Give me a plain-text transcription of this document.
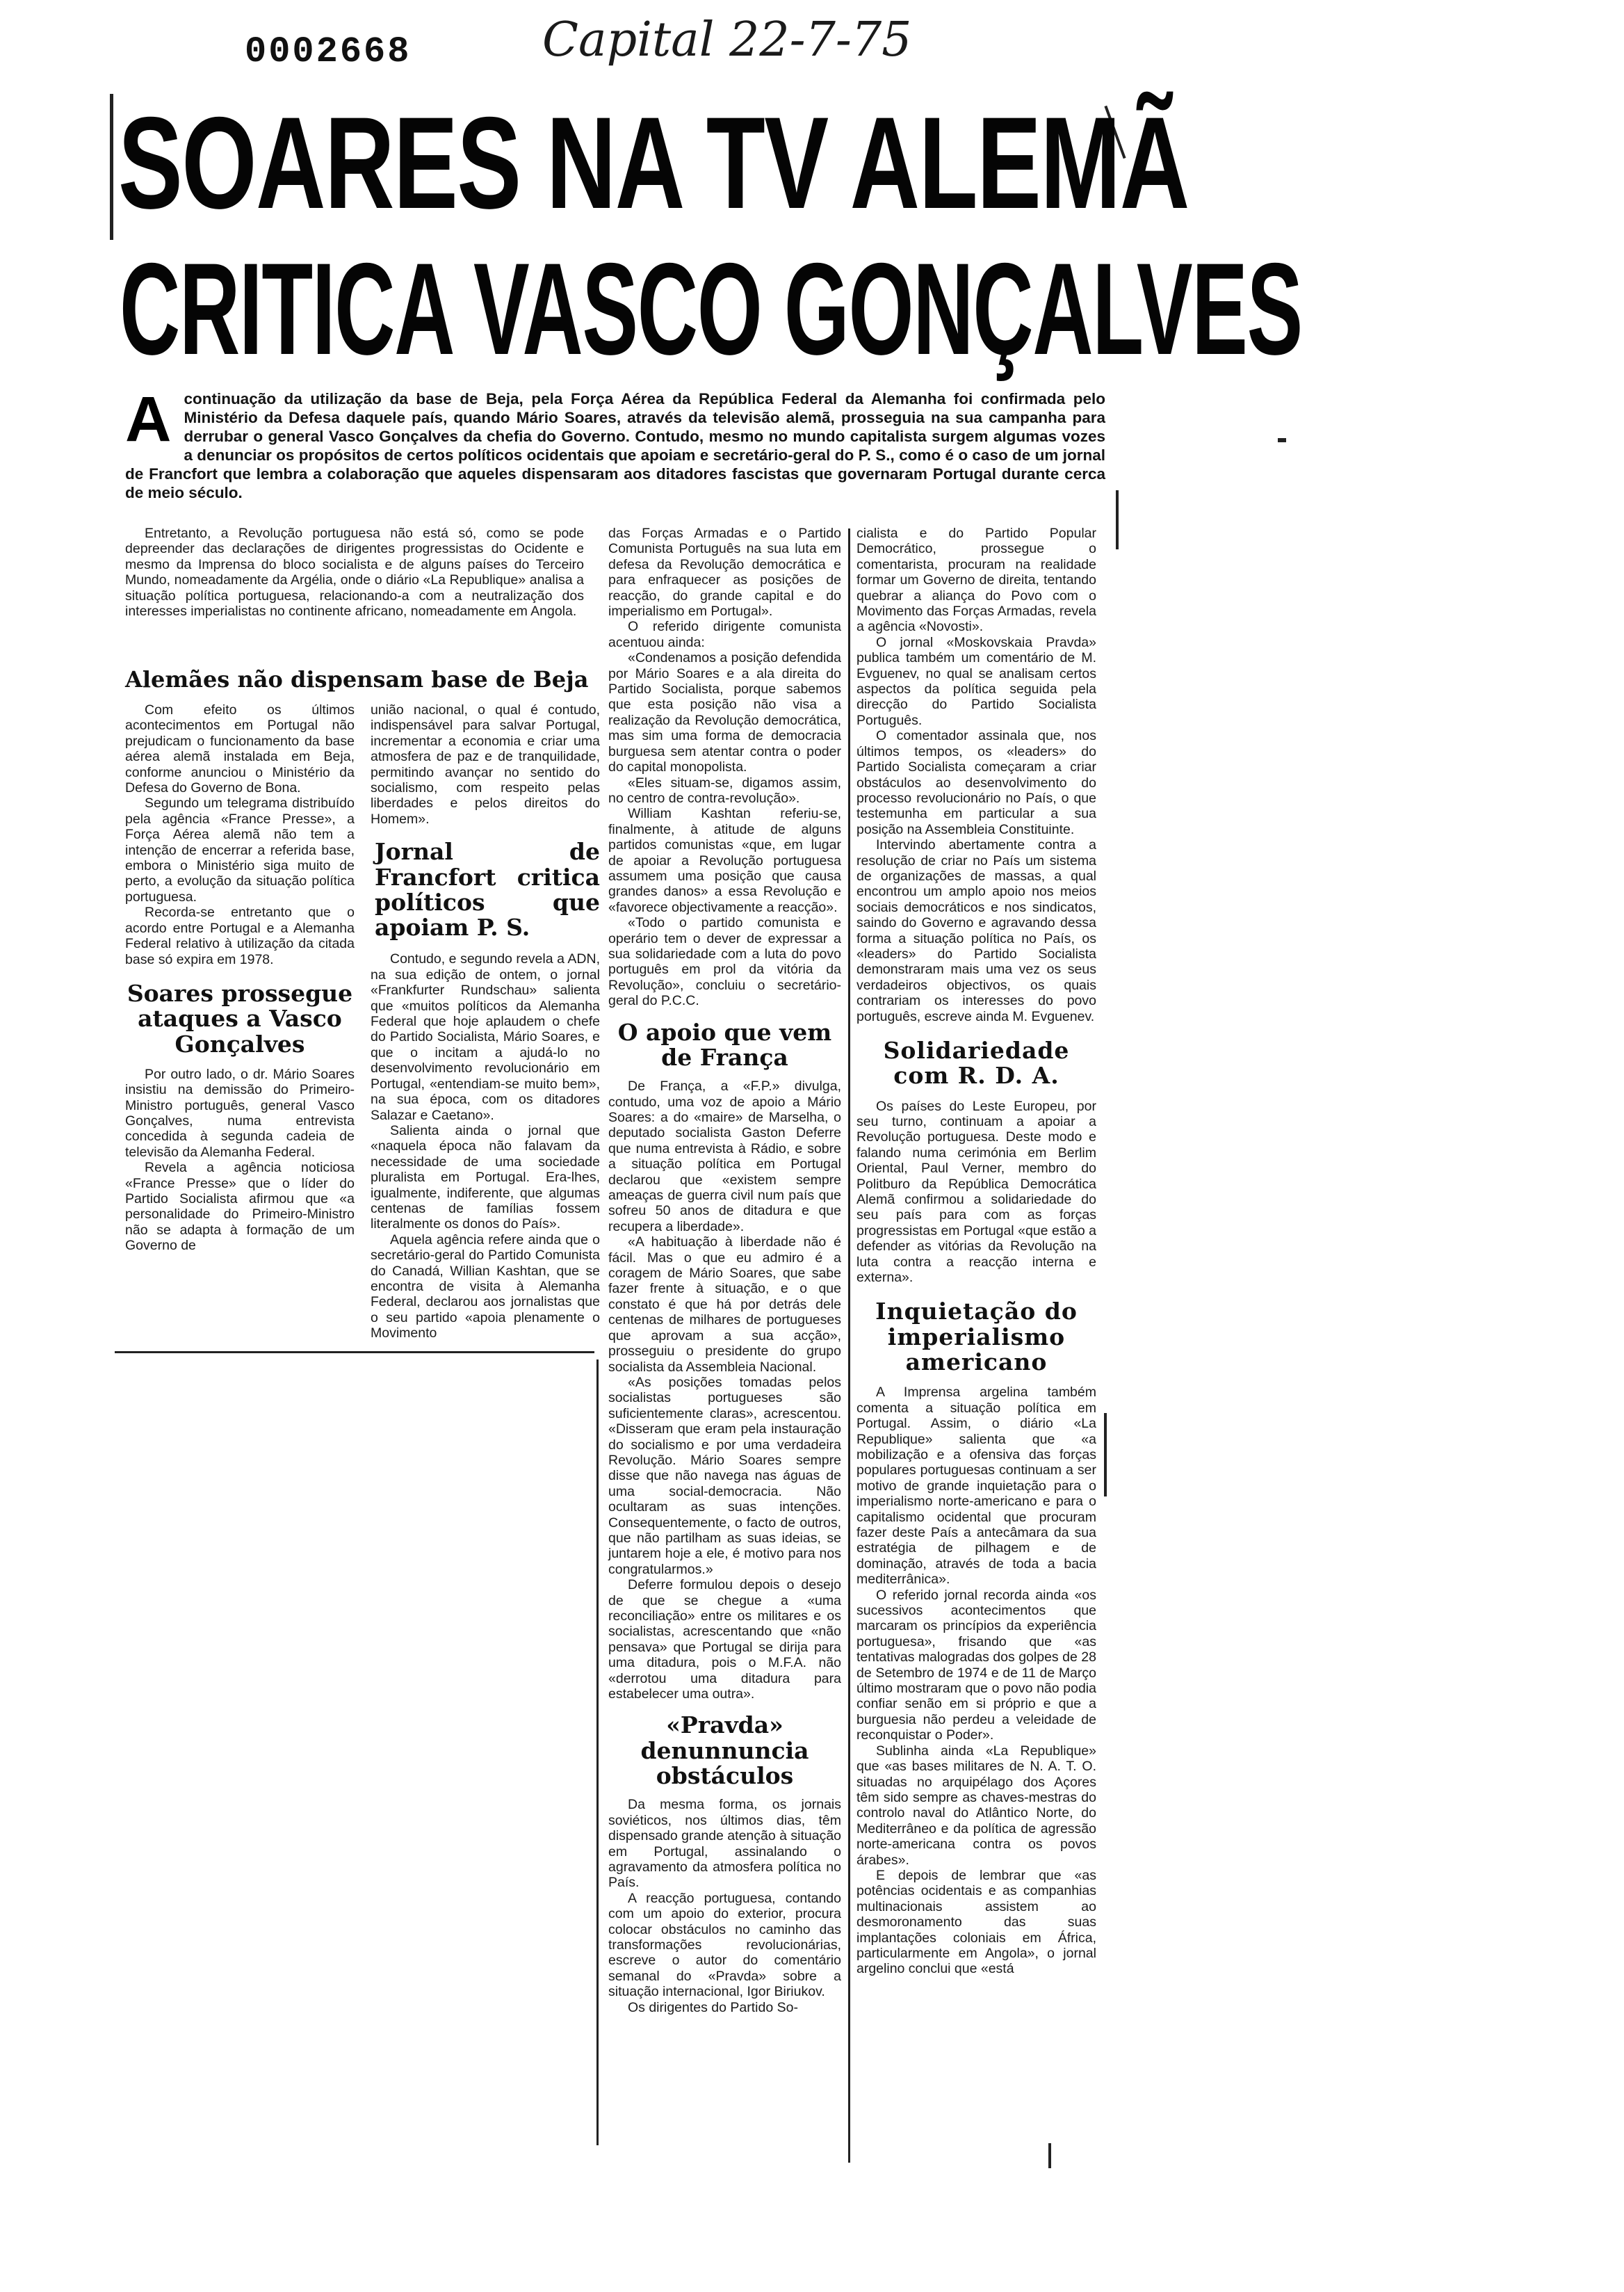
0002668	Capital 22-7-75
SOARES NA TV ALEMÃ
CRITICA VASCO GONÇALVES
A continuação da utilização da base de Beja, pela Força Aérea da República Federal da Alemanha foi confirmada pelo Ministério da Defesa daquele país, quando Mário Soares, através da televisão alemã, prosseguia na sua campanha para derrubar o general Vasco Gonçalves da chefia do Governo. Contudo, mesmo no mundo capitalista surgem algumas vozes a denunciar os propósitos de certos políticos ocidentais que apoiam e secretário-geral do P. S., como é o caso de um jornal de Francfort que lembra a colaboração que aqueles dispensaram aos ditadores fascistas que governaram Portugal durante cerca de meio século.

Entretanto, a Revolução portuguesa não está só, como se pode depreender das declarações de dirigentes progressistas do Ocidente e mesmo da Imprensa do bloco socialista e de alguns países do Terceiro Mundo, nomeadamente da Argélia, onde o diário «La Republique» analisa a situação política portuguesa, relacionando-a com a neutralização dos interesses imperialistas no continente africano, nomeadamente em Angola.

Alemães não dispensam base de Beja

Com efeito os últimos acontecimentos em Portugal não prejudicam o funcionamento da base aérea alemã instalada em Beja, conforme anunciou o Ministério da Defesa do Governo de Bona.

Segundo um telegrama distribuído pela agência «France Presse», a Força Aérea alemã não tem a intenção de encerrar a referida base, embora o Ministério siga muito de perto, a evolução da situação política portuguesa.

Recorda-se entretanto que o acordo entre Portugal e a Alemanha Federal relativo à utilização da citada base só expira em 1978.

Soares prossegue ataques a Vasco Gonçalves

Por outro lado, o dr. Mário Soares insistiu na demissão do Primeiro-Ministro português, general Vasco Gonçalves, numa entrevista concedida à segunda cadeia de televisão da Alemanha Federal.

Revela a agência noticiosa «France Presse» que o líder do Partido Socialista afirmou que «a personalidade do Primeiro-Ministro não se adapta à formação de um Governo de

união nacional, o qual é contudo, indispensável para salvar Portugal, incrementar a economia e criar uma atmosfera de paz e de tranquilidade, permitindo avançar no sentido do socialismo, com respeito pelas liberdades e pelos direitos do Homem».

Jornal de Francfort critica políticos que apoiam P. S.

Contudo, e segundo revela a ADN, na sua edição de ontem, o jornal «Frankfurter Rundschau» salienta que «muitos políticos da Alemanha Federal que hoje aplaudem o chefe do Partido Socialista, Mário Soares, e que o incitam a ajudá-lo no desenvolvimento revolucionário em Portugal, «entendiam-se muito bem», na sua época, com os ditadores Salazar e Caetano».

Salienta ainda o jornal que «naquela época não falavam da necessidade de uma sociedade pluralista em Portugal. Era-lhes, igualmente, indiferente, que algumas centenas de famílias fossem literalmente os donos do País».

Aquela agência refere ainda que o secretário-geral do Partido Comunista do Canadá, Willian Kashtan, que se encontra de visita à Alemanha Federal, declarou aos jornalistas que o seu partido «apoia plenamente o Movimento

das Forças Armadas e o Partido Comunista Português na sua luta em defesa da Revolução democrática e para enfraquecer as posições de reacção, do grande capital e do imperialismo em Portugal».

O referido dirigente comunista acentuou ainda:

«Condenamos a posição defendida por Mário Soares e a ala direita do Partido Socialista, porque sabemos que esta posição não visa a realização da Revolução democrática, mas sim uma forma de democracia burguesa sem atentar contra o poder do capital monopolista.

«Eles situam-se, digamos assim, no centro de contra-revolução».

William Kashtan referiu-se, finalmente, à atitude de alguns partidos comunistas «que, em lugar de apoiar a Revolução portuguesa assumem uma posição que causa grandes danos» a essa Revolução e «favorece objectivamente a reacção».

«Todo o partido comunista e operário tem o dever de expressar a sua solidariedade com a luta do povo português em prol da vitória da Revolução», concluiu o secretário-geral do P.C.C.

O apoio que vem de França

De França, a «F.P.» divulga, contudo, uma voz de apoio a Mário Soares: a do «maire» de Marselha, o deputado socialista Gaston Deferre que numa entrevista à Rádio, e sobre a situação política em Portugal declarou que «existem sempre ameaças de guerra civil num país que sofreu 50 anos de ditadura e que recupera a liberdade».

«A habituação à liberdade não é fácil. Mas o que eu admiro é a coragem de Mário Soares, que sabe fazer frente à situação, e o que constato é que há por detrás dele centenas de milhares de portugueses que aprovam a sua acção», prosseguiu o presidente do grupo socialista da Assembleia Nacional.

«As posições tomadas pelos socialistas portugueses são suficientemente claras», acrescentou. «Disseram que eram pela instauração do socialismo e por uma verdadeira Revolução. Mário Soares sempre disse que não navega nas águas de uma social-democracia. Não ocultaram as suas intenções. Consequentemente, o facto de outros, que não partilham as suas ideias, se juntarem hoje a ele, é motivo para nos congratularmos.»

Deferre formulou depois o desejo de que se chegue a «uma reconciliação» entre os militares e os socialistas, acrescentando que «não pensava» que Portugal se dirija para uma ditadura, pois o M.F.A. não «derrotou uma ditadura para estabelecer uma outra».

«Pravda» denunnuncia obstáculos

Da mesma forma, os jornais soviéticos, nos últimos dias, têm dispensado grande atenção à situação em Portugal, assinalando o agravamento da atmosfera política no País.

A reacção portuguesa, contando com um apoio do exterior, procura colocar obstáculos no caminho das transformações revolucionárias, escreve o autor do comentário semanal do «Pravda» sobre a situação internacional, Igor Biriukov.

Os dirigentes do Partido So-

cialista e do Partido Popular Democrático, prossegue o comentarista, procuram na realidade formar um Governo de direita, tentando quebrar a aliança do Povo com o Movimento das Forças Armadas, revela a agência «Novosti».

O jornal «Moskovskaia Pravda» publica também um comentário de M. Evguenev, no qual se analisam certos aspectos da política seguida pela direcção do Partido Socialista Português.

O comentador assinala que, nos últimos tempos, os «leaders» do Partido Socialista começaram a criar obstáculos ao desenvolvimento do processo revolucionário no País, o que testemunha em particular a sua posição na Assembleia Constituinte.

Intervindo abertamente contra a resolução de criar no País um sistema de organizações de massas, a qual encontrou um amplo apoio nos meios sociais democráticos e nos sindicatos, saindo do Governo e agravando dessa forma a situação política no País, os «leaders» do Partido Socialista demonstraram mais uma vez os seus verdadeiros objectivos, os quais contrariam os interesses do povo português, escreve ainda M. Evguenev.

Solidariedade com R. D. A.

Os países do Leste Europeu, por seu turno, continuam a apoiar a Revolução portuguesa. Deste modo e falando numa cerimónia em Berlim Oriental, Paul Verner, membro do Politburo da República Democrática Alemã confirmou a solidariedade do seu país para com as forças progressistas em Portugal «que estão a defender as vitórias da Revolução na luta contra a reacção interna e externa».

Inquietação do imperialismo americano

A Imprensa argelina também comenta a situação política em Portugal. Assim, o diário «La Republique» salienta que «a mobilização e a ofensiva das forças populares portuguesas continuam a ser motivo de grande inquietação para o imperialismo norte-americano e para o capitalismo ocidental que procuram fazer deste País a antecâmara da sua estratégia de pilhagem e de dominação, através de toda a bacia mediterrânica».

O referido jornal recorda ainda «os sucessivos acontecimentos que marcaram os princípios da experiência portuguesa», frisando que «as tentativas malogradas dos golpes de 28 de Setembro de 1974 e de 11 de Março último mostraram que o povo não podia confiar senão em si próprio e que a burguesia não perdeu a veleidade de reconquistar o Poder».

Sublinha ainda «La Republique» que «as bases militares de N. A. T. O. situadas no arquipélago dos Açores têm sido sempre as chaves-mestras do controlo naval do Atlântico Norte, do Mediterrâneo e da política de agressão norte-americana contra os povos árabes».

E depois de lembrar que «as potências ocidentais e as companhias multinacionais assistem ao desmoronamento das suas implantações coloniais em África, particularmente em Angola», o jornal argelino conclui que «está
